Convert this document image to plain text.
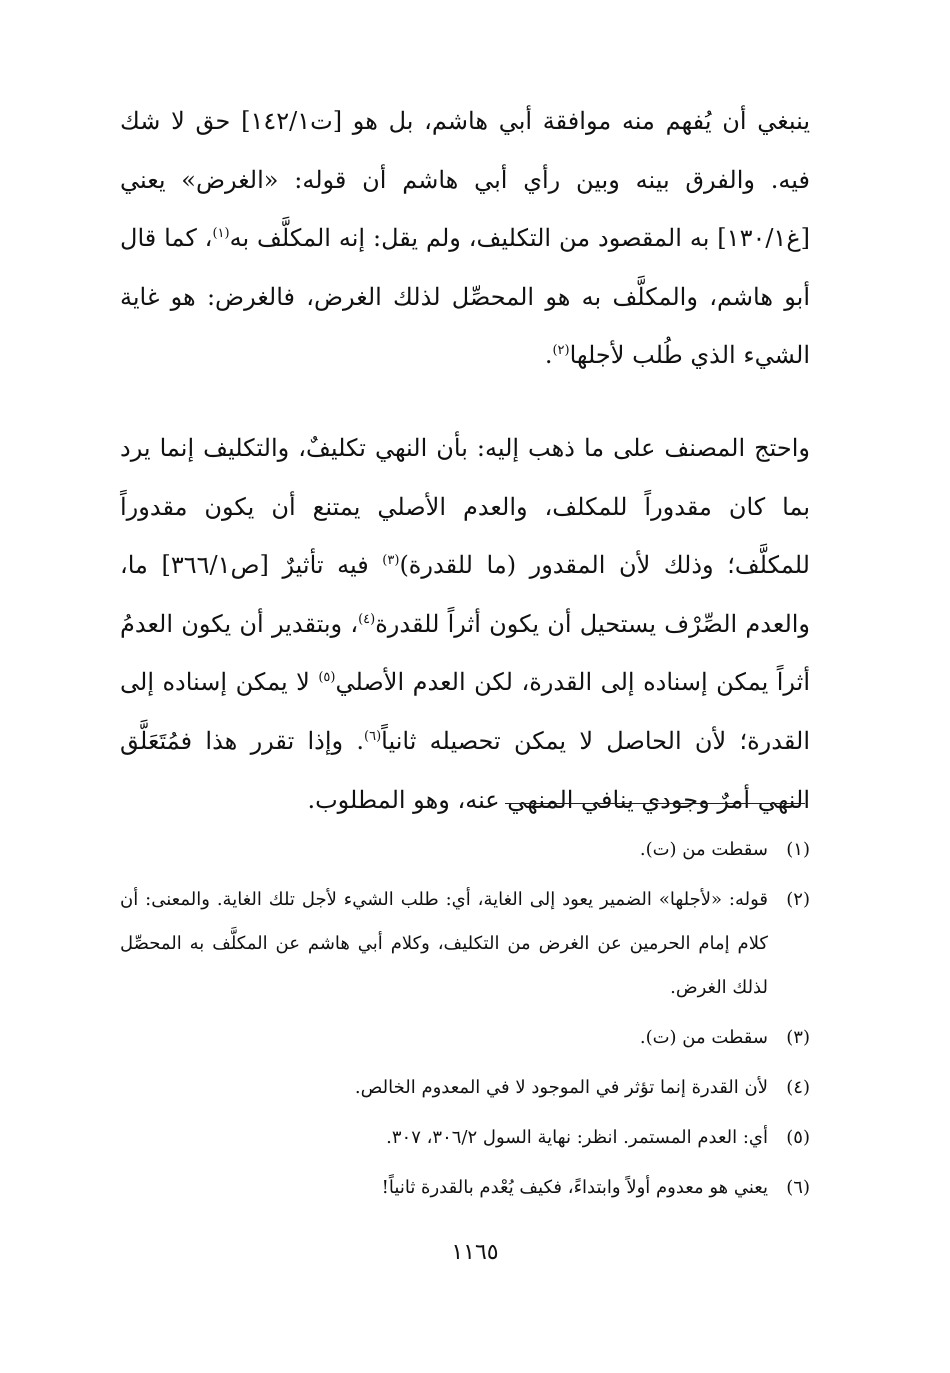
ينبغي أن يُفهم منه موافقة أبي هاشم، بل هو [ت١٤٢/١] حق لا شك فيه. والفرق بينه وبين رأي أبي هاشم أن قوله: «الغرض» يعني [غ١٣٠/١] به المقصود من التكليف، ولم يقل: إنه المكلَّف به$^{(١)}$، كما قال أبو هاشم، والمكلَّف به هو المحصِّل لذلك الغرض، فالغرض: هو غاية الشيء الذي طُلب لأجلها$^{(٢)}$.

واحتج المصنف على ما ذهب إليه: بأن النهي تكليفٌ، والتكليف إنما يرد بما كان مقدوراً للمكلف، والعدم الأصلي يمتنع أن يكون مقدوراً للمكلَّف؛ وذلك لأن المقدور (ما للقدرة)$^{(٣)}$ فيه تأثيرٌ [ص٣٦٦/١] ما، والعدم الصِّرْف يستحيل أن يكون أثراً للقدرة$^{(٤)}$، وبتقدير أن يكون العدمُ أثراً يمكن إسناده إلى القدرة، لكن العدم الأصلي$^{(٥)}$ لا يمكن إسناده إلى القدرة؛ لأن الحاصل لا يمكن تحصيله ثانياً$^{(٦)}$. وإذا تقرر هذا فمُتَعَلَّق النهي أمرٌ وجودي ينافي المنهي عنه، وهو المطلوب.

(١)
سقطت من (ت).

(٢)
قوله: «لأجلها» الضمير يعود إلى الغاية، أي: طلب الشيء لأجل تلك الغاية. والمعنى: أن كلام إمام الحرمين عن الغرض من التكليف، وكلام أبي هاشم عن المكلَّف به المحصِّل لذلك الغرض.

(٣)
سقطت من (ت).

(٤)
لأن القدرة إنما تؤثر في الموجود لا في المعدوم الخالص.

(٥)
أي: العدم المستمر. انظر: نهاية السول ٣٠٦/٢، ٣٠٧.

(٦)
يعني هو معدوم أولاً وابتداءً، فكيف يُعْدم بالقدرة ثانياً!

١١٦٥
